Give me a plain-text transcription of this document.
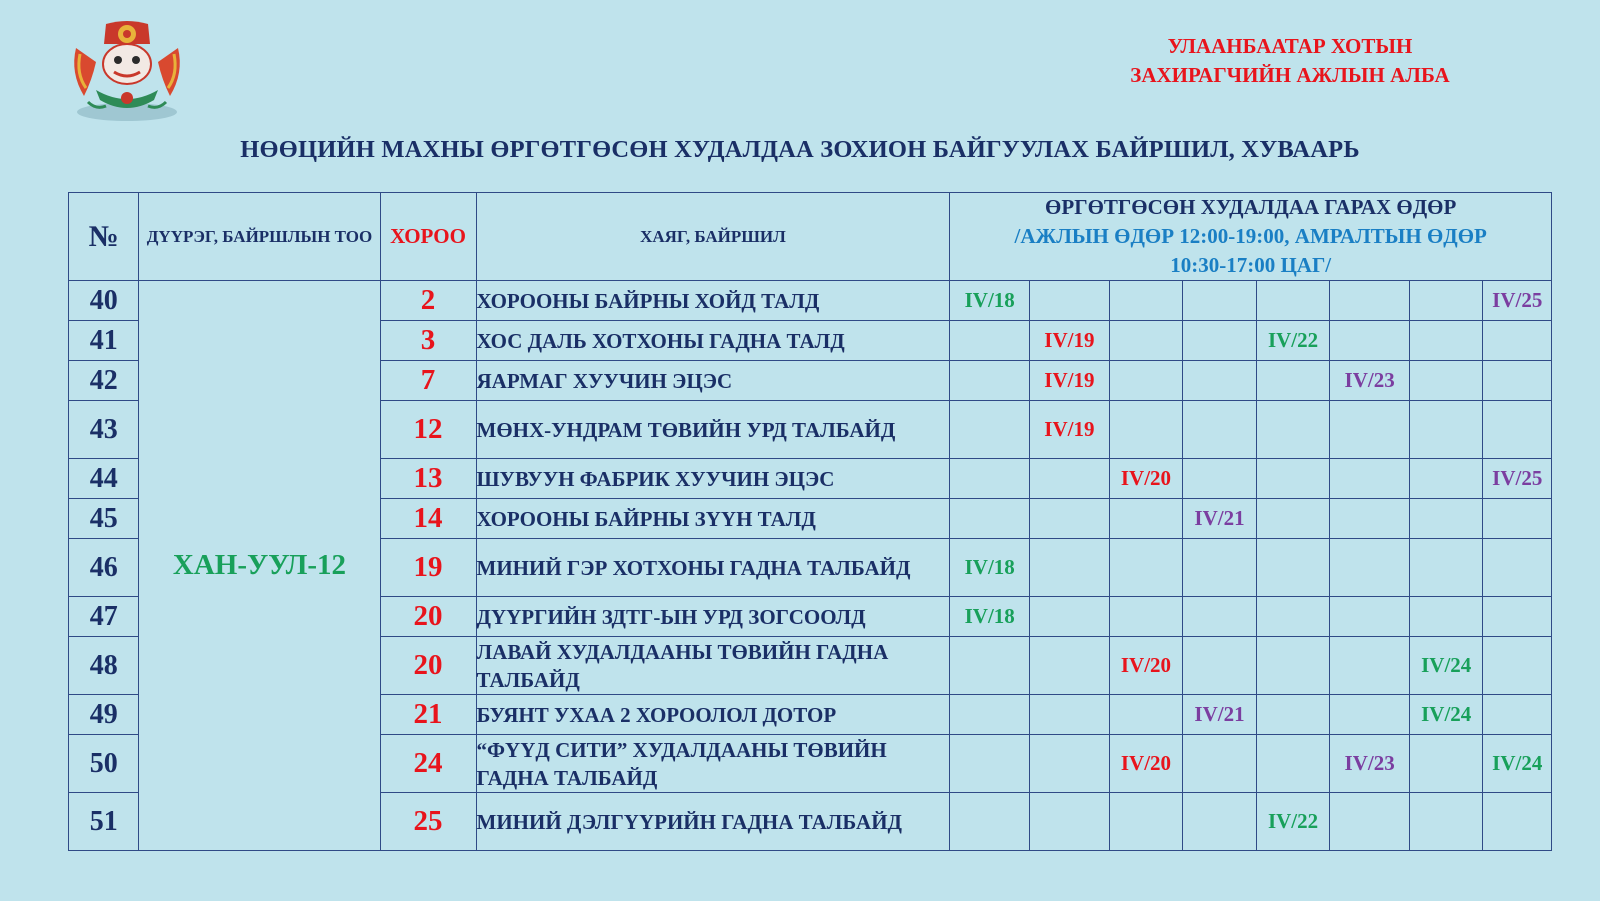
УЛААНБААТАР ХОТЫН
ЗАХИРАГЧИЙН АЖЛЫН АЛБА
НӨӨЦИЙН МАХНЫ ӨРГӨТГӨСӨН ХУДАЛДАА ЗОХИОН БАЙГУУЛАХ БАЙРШИЛ, ХУВААРЬ
№	ДҮҮРЭГ, БАЙРШЛЫН ТОО	ХОРОО	ХАЯГ, БАЙРШИЛ	ӨРГӨТГӨСӨН ХУДАЛДАА ГАРАХ ӨДӨР
/АЖЛЫН ӨДӨР 12:00-19:00, АМРАЛТЫН ӨДӨР
10:30-17:00 ЦАГ/							

40	ХАН-УУЛ-12	2	ХОРООНЫ БАЙРНЫ ХОЙД ТАЛД	IV/18							IV/25
41		3	ХОС ДАЛЬ ХОТХОНЫ ГАДНА ТАЛД		IV/19			IV/22			
42		7	ЯАРМАГ ХУУЧИН ЭЦЭС		IV/19				IV/23		
43		12	МӨНХ-УНДРАМ ТӨВИЙН УРД ТАЛБАЙД		IV/19						
44		13	ШУВУУН ФАБРИК ХУУЧИН ЭЦЭС			IV/20					IV/25
45		14	ХОРООНЫ БАЙРНЫ ЗҮҮН ТАЛД				IV/21				
46		19	МИНИЙ ГЭР ХОТХОНЫ ГАДНА ТАЛБАЙД	IV/18							
47		20	ДҮҮРГИЙН ЗДТГ-ЫН УРД ЗОГСООЛД	IV/18							
48		20	ЛАВАЙ ХУДАЛДААНЫ ТӨВИЙН ГАДНА ТАЛБАЙД			IV/20				IV/24	
49		21	БУЯНТ УХАА 2 ХОРООЛОЛ ДОТОР				IV/21			IV/24	
50		24	“ФҮҮД СИТИ” ХУДАЛДААНЫ ТӨВИЙН ГАДНА ТАЛБАЙД			IV/20			IV/23		IV/24
51		25	МИНИЙ ДЭЛГҮҮРИЙН ГАДНА ТАЛБАЙД					IV/22			
